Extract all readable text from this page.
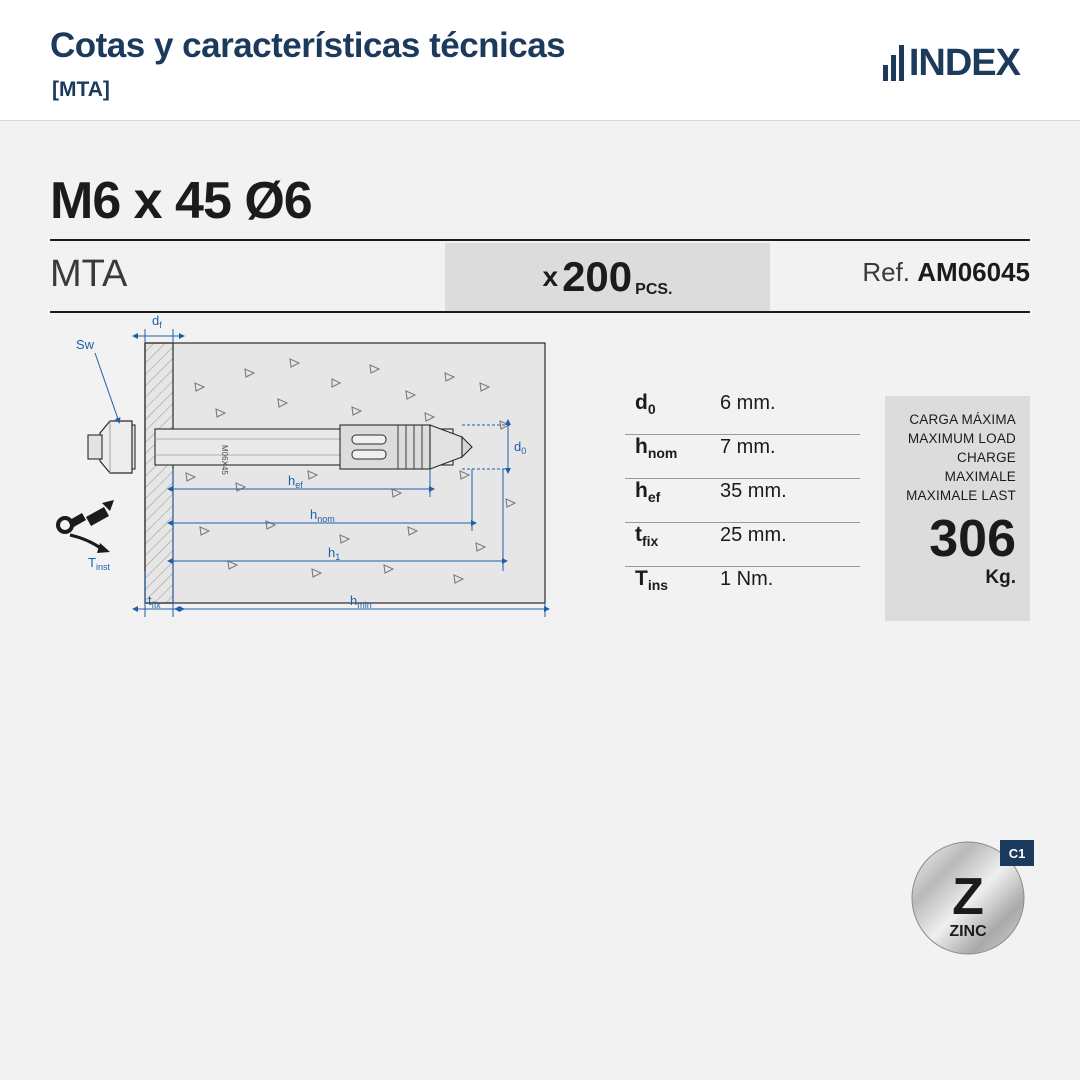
Cotas y características técnicas
[MTA]
INDEX
M6 x 45 Ø6
MTA	x 200 PCS.
Ref. AM06045
M06X45
$d_f$
Sw
$d_0$
$h_{ef}$
$h_{nom}$
$h_1$
$t_{fix}$	$h_{min}$
$T_{inst}$
$d_0$	6 mm.
$h_{nom}$	7 mm.
$h_{ef}$	35 mm.
$t_{fix}$	25 mm.
$T_{ins}$	1 Nm.
CARGA MÁXIMA
MAXIMUM LOAD
CHARGE MAXIMALE
MAXIMALE LAST
306
Kg.
Z
ZINC
C1
